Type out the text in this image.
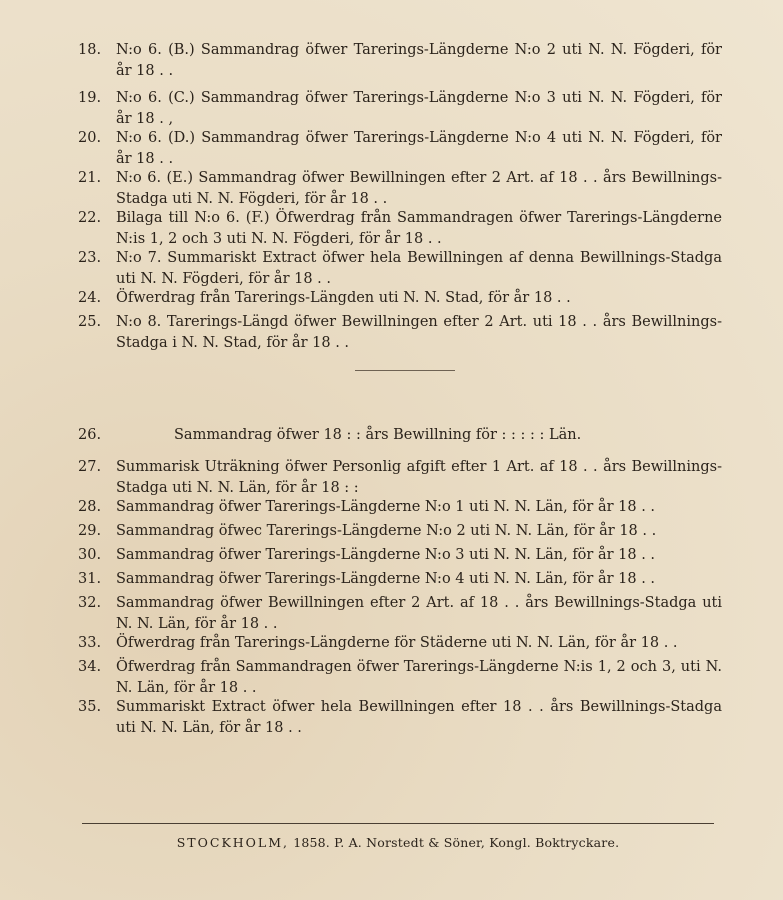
18.	N:o 6. (B.) Sammandrag öfwer Tarerings-Längderne N:o 2 uti N. N. Fögderi, för år 18 . .
19.	N:o 6. (C.) Sammandrag öfwer Tarerings-Längderne N:o 3 uti N. N. Fögderi, för år 18 . ,
20.	N:o 6. (D.) Sammandrag öfwer Tarerings-Längderne N:o 4 uti N. N. Fögderi, för år 18 . .
21.	N:o 6. (E.) Sammandrag öfwer Bewillningen efter 2 Art. af 18 . . års Bewillnings-Stadga uti N. N. Fögderi, för år 18 . .
22.	Bilaga till N:o 6. (F.) Öfwerdrag från Sammandragen öfwer Tarerings-Längderne N:is 1, 2 och 3 uti N. N. Fögderi, för år 18 . .
23.	N:o 7. Summariskt Extract öfwer hela Bewillningen af denna Bewillnings-Stadga uti N. N. Fögderi, för år 18 . .
24.	Öfwerdrag från Tarerings-Längden uti N. N. Stad, för år 18 . .
25.	N:o 8. Tarerings-Längd öfwer Bewillningen efter 2 Art. uti 18 . . års Bewillnings-Stadga i N. N. Stad, för år 18 . .
26.	Sammandrag öfwer 18 : : års Bewillning för : : : : : Län.
27.	Summarisk Uträkning öfwer Personlig afgift efter 1 Art. af 18 . . års Bewillnings-Stadga uti N. N. Län, för år 18 : :
28.	Sammandrag öfwer Tarerings-Längderne N:o 1 uti N. N. Län, för år 18 . .
29.	Sammandrag öfwec Tarerings-Längderne N:o 2 uti N. N. Län, för år 18 . .
30.	Sammandrag öfwer Tarerings-Längderne N:o 3 uti N. N. Län, för år 18 . .
31.	Sammandrag öfwer Tarerings-Längderne N:o 4 uti N. N. Län, för år 18 . .
32.	Sammandrag öfwer Bewillningen efter 2 Art. af 18 . . års Bewillnings-Stadga uti N. N. Län, för år 18 . .
33.	Öfwerdrag från Tarerings-Längderne för Städerne uti N. N. Län, för år 18 . .
34.	Öfwerdrag från Sammandragen öfwer Tarerings-Längderne N:is 1, 2 och 3, uti N. N. Län, för år 18 . .
35.	Summariskt Extract öfwer hela Bewillningen efter 18 . . års Bewillnings-Stadga uti N. N. Län, för år 18 . .
STOCKHOLM, 1858. P. A. Norstedt & Söner, Kongl. Boktryckare.
